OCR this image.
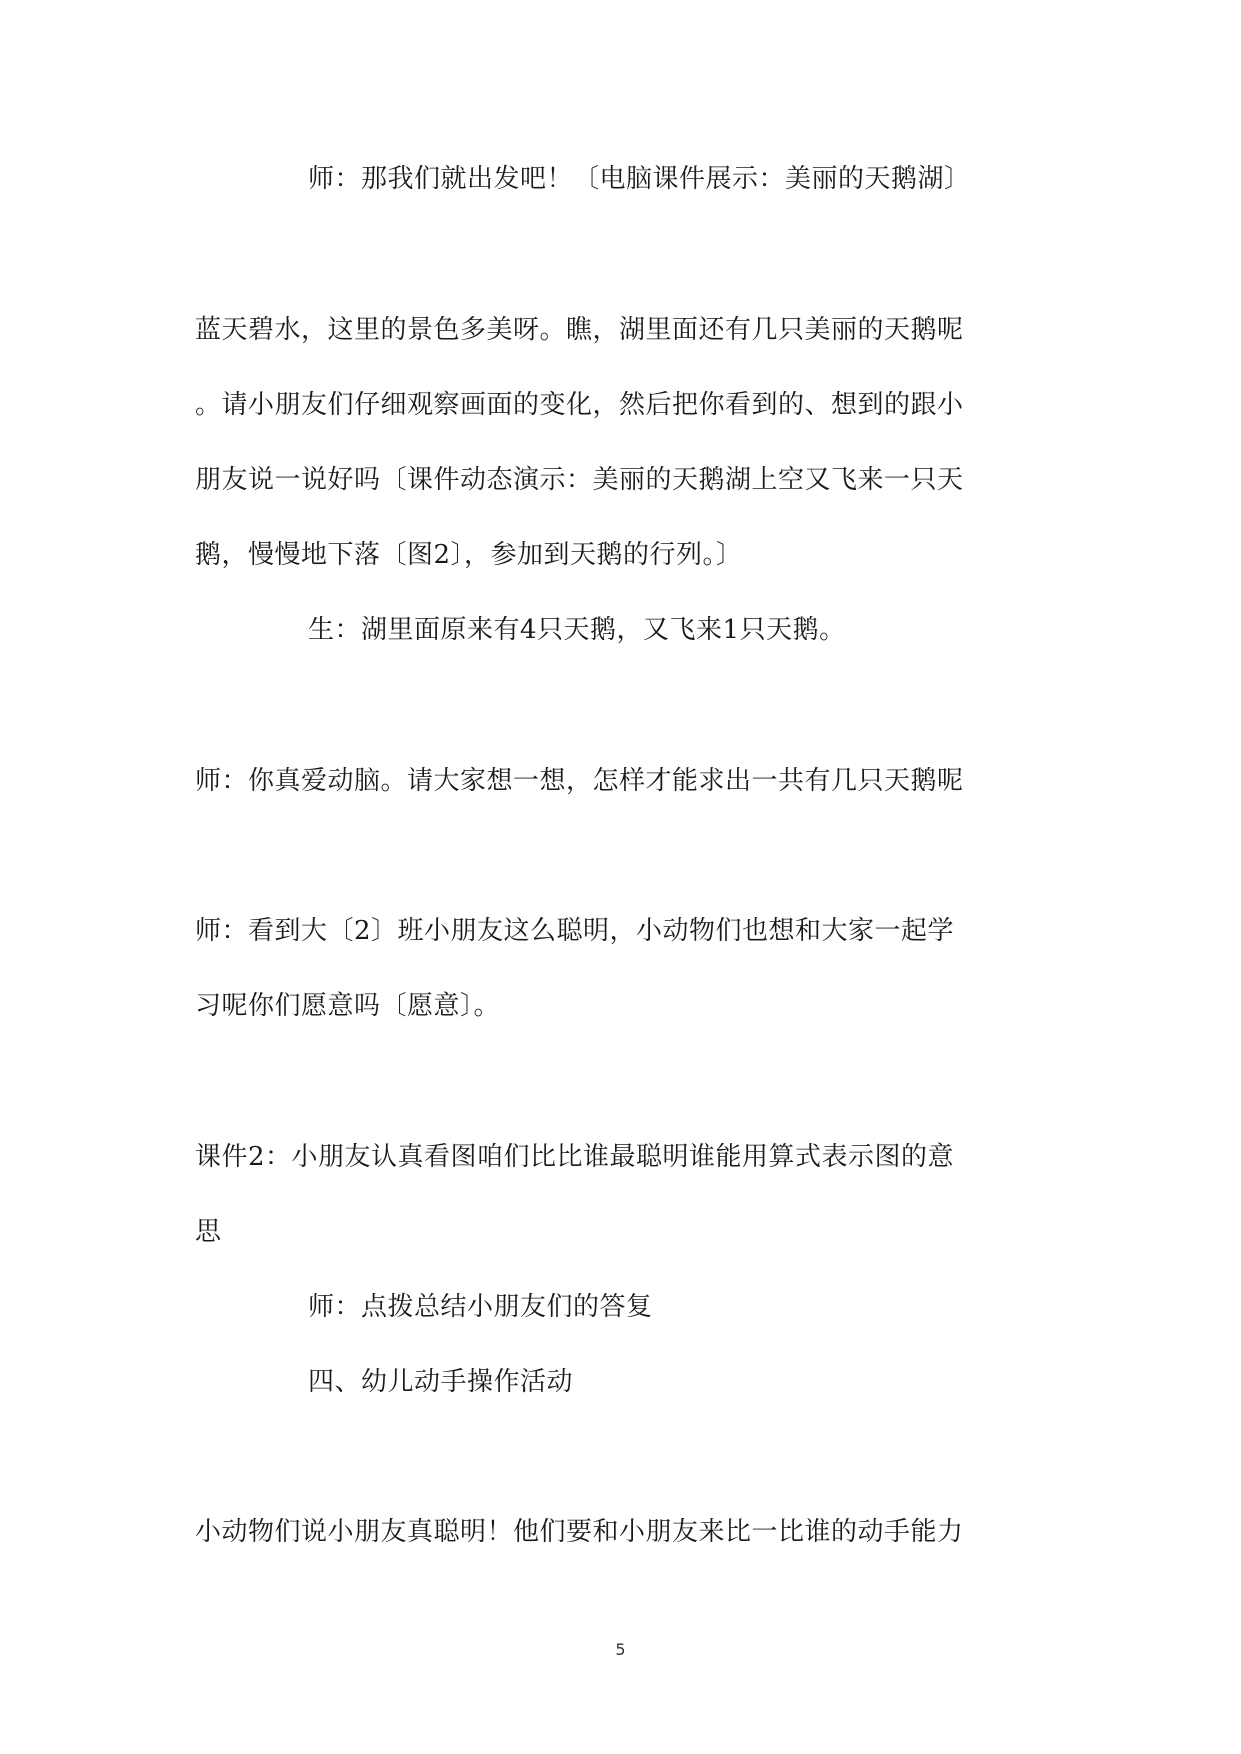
师：那我们就出发吧！〔电脑课件展示：美丽的天鹅湖〕
蓝天碧水，这里的景色多美呀。瞧，湖里面还有几只美丽的天鹅呢
。请小朋友们仔细观察画面的变化，然后把你看到的、想到的跟小
朋友说一说好吗〔课件动态演示：美丽的天鹅湖上空又飞来一只天
鹅，慢慢地下落〔图2〕，参加到天鹅的行列。〕
生：湖里面原来有4只天鹅，又飞来1只天鹅。
师：你真爱动脑。请大家想一想，怎样才能求出一共有几只天鹅呢
师：看到大〔2〕班小朋友这么聪明，小动物们也想和大家一起学
习呢你们愿意吗〔愿意〕。
课件2：小朋友认真看图咱们比比谁最聪明谁能用算式表示图的意
思
师：点拨总结小朋友们的答复
四、幼儿动手操作活动
小动物们说小朋友真聪明！他们要和小朋友来比一比谁的动手能力
5
